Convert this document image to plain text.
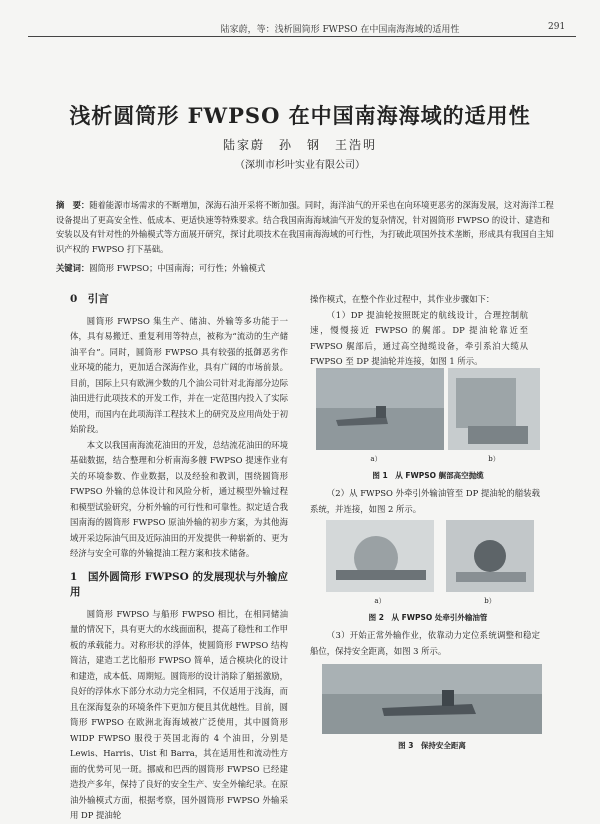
陆家蔚，等：浅析圆筒形 FWPSO 在中国南海海域的适用性	291
浅析圆筒形 FWPSO 在中国南海海域的适用性
陆家蔚　孙　钢　王浩明
（深圳市杉叶实业有限公司）
摘　要：随着能源市场需求的不断增加，深海石油开采将不断加强。同时，海洋油气的开采也在向环境更恶劣的深海发展，这对海洋工程设备提出了更高安全性、低成本、更适快速等特殊要求。结合我国南海海域油气开发的复杂情况，针对圆筒形 FWPSO 的设计、建造和安装以及有针对性的外输模式等方面展开研究，探讨此项技术在我国南海海域的可行性，为打破此项国外技术垄断，形成具有我国自主知识产权的 FWPSO 打下基础。
关键词：圆筒形 FWPSO；中国南海；可行性；外输模式
0　引言

圆筒形 FWPSO 集生产、储油、外输等多功能于一体，具有易搬迁、重复利用等特点，被称为“流动的生产储油平台”。同时，圆筒形 FWPSO 具有较强的抵御恶劣作业环境的能力，更加适合深海作业，具有广阔的市场前景。目前，国际上只有欧洲少数的几个油公司针对北海部分边际油田进行此项技术的开发工作，并在一定范围内投入了实际使用，而国内在此项海洋工程技术上的研究及应用尚处于初始阶段。

本文以我国南海流花油田的开发，总结流花油田的环境基础数据，结合整理和分析南海多艘 FWPSO 提速作业有关的环境参数、作业数据，以及经验和教训，围绕圆筒形 FWPSO 外输的总体设计和风险分析，通过模型外输过程和模型试验研究，分析外输的可行性和可靠性。拟定适合我国南海的圆筒形 FWPSO 原油外输的初步方案，为其他海域开采边际油气田及近际油田的开发提供一种崭新的、更为经济与安全可靠的外输提油工程方案和技术储备。

1　国外圆筒形 FWPSO 的发展现状与外输应用

圆筒形 FWPSO 与船形 FWPSO 相比，在相同储油量的情况下，具有更大的水线面面积，提高了稳性和工作甲板的承载能力。对称形状的浮体，使圆筒形 FWPSO 结构简洁，建造工艺比船形 FWPSO 简单，适合模块化的设计和建造，成本低、周期短。圆筒形的设计消除了艏摇激励，良好的浮体水下部分水动力完全相同，不仅适用于浅海，而且在深海复杂的环境条件下更加方便且其优越性。目前，圆筒形 FWPSO 在欧洲北海海域被广泛使用，其中圆筒形 WIDP FWPSO 服役于英国北海的 4 个油田，分别是 Lewis、Harris、Uist 和 Barra，其在适用性和流动性方面的优势可见一斑。挪威和巴西的圆筒形 FWPSO 已经建造投产多年，保持了良好的安全生产、安全外输纪录。在原油外输模式方面，根据考察，国外圆筒形 FWPSO 外输采用 DP 提油轮

操作模式，在整个作业过程中，其作业步骤如下：

（1）DP 提油轮按照既定的航线设计，合理控制航速，慢慢接近 FWPSO 的艉部。DP 提油轮靠近至 FWPSO 艉部后，通过高空抛缆设备，牵引系泊大缆从 FWPSO 至 DP 提油轮并连接，如图 1 所示。

a）	b）
图 1　从 FWPSO 艉部高空抛缆

（2）从 FWPSO 外牵引外输油管至 DP 提油轮的艏装载系统，并连接，如图 2 所示。

a）	b）
图 2　从 FWPSO 处牵引外输油管

（3）开始正常外输作业，依靠动力定位系统调整和稳定船位，保持安全距离，如图 3 所示。

图 3　保持安全距离
